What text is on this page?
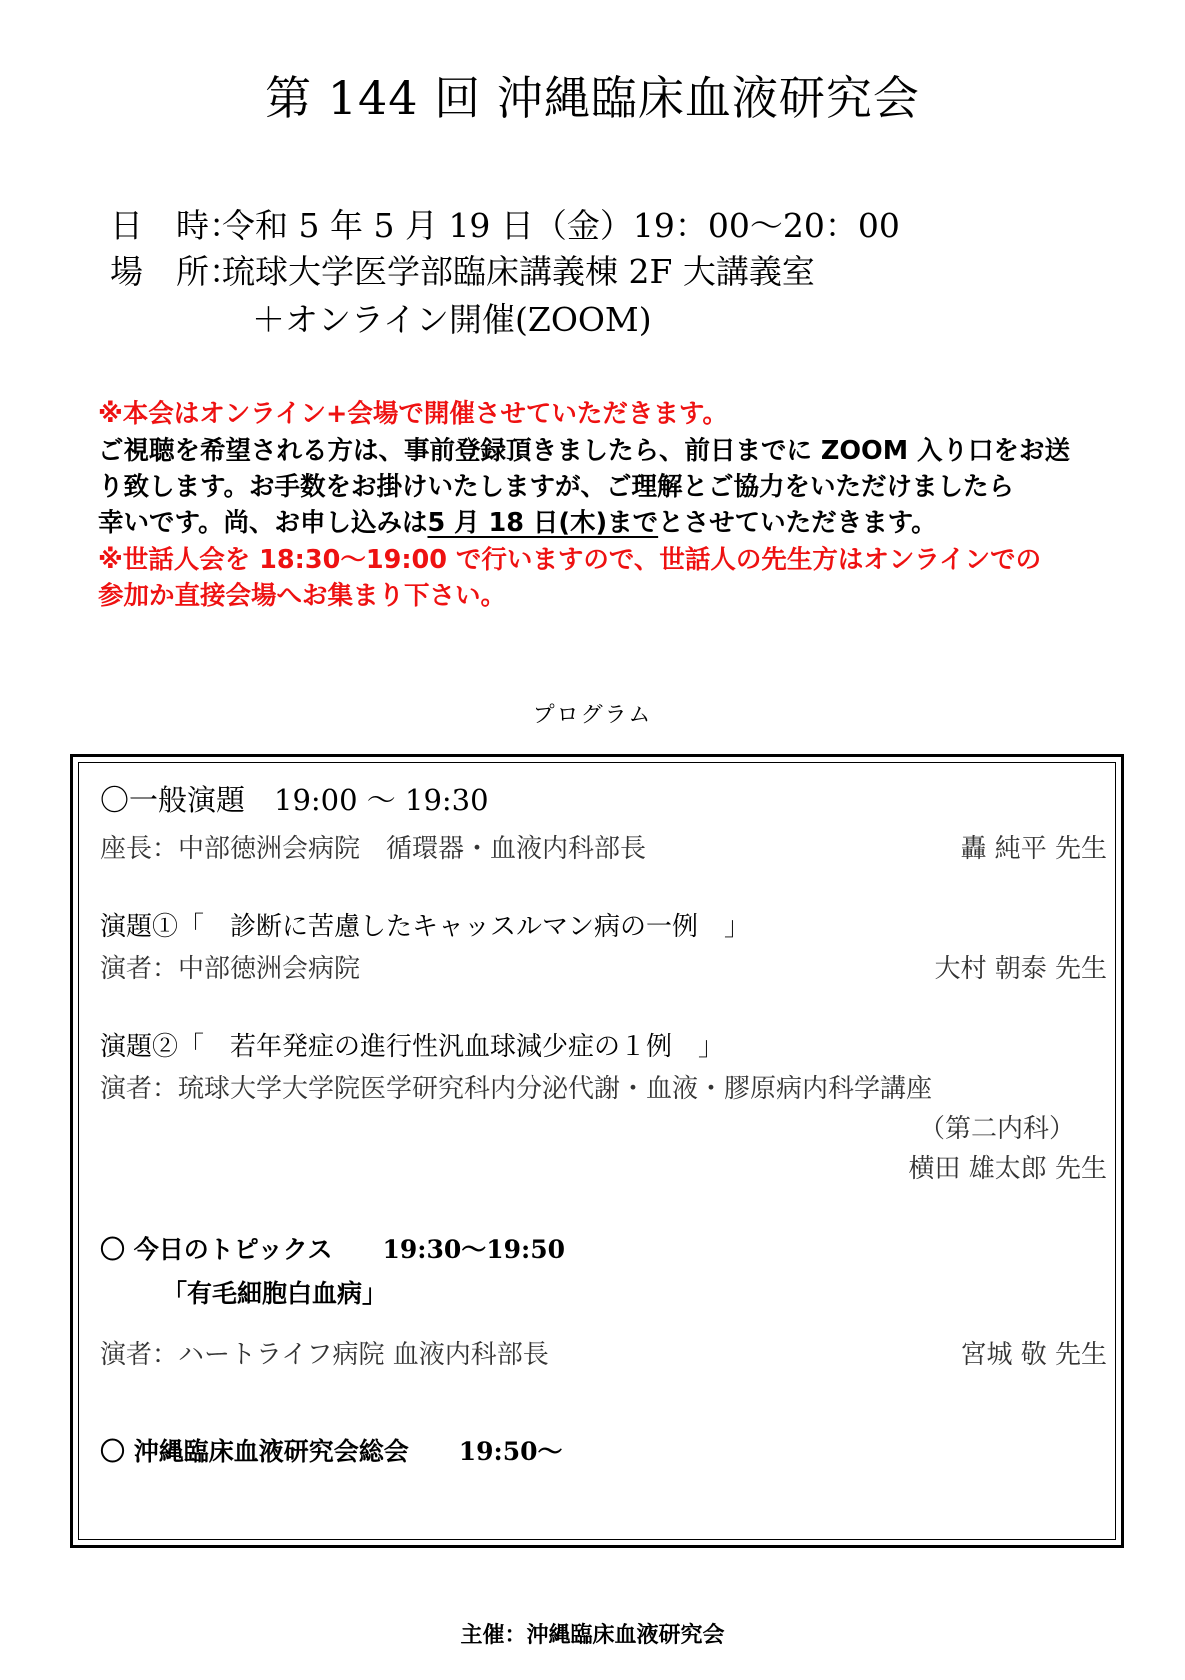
第 144 回 沖縄臨床血液研究会
日　時：令和 5 年 5 月 19 日（金）19：00～20：00
場　所：琉球大学医学部臨床講義棟 2F 大講義室
＋オンライン開催(ZOOM)
※本会はオンライン+会場で開催させていただきます。
ご視聴を希望される方は、事前登録頂きましたら、前日までに ZOOM 入り口をお送
り致します。お手数をお掛けいたしますが、ご理解とご協力をいただけましたら
幸いです。尚、お申し込みは5 月 18 日(木)までとさせていただきます。
※世話人会を 18:30～19:00 で行いますので、世話人の先生方はオンラインでの
参加か直接会場へお集まり下さい。
プログラム
〇一般演題　19:00 ～ 19:30
座長：中部徳洲会病院　循環器・血液内科部長	轟 純平 先生
演題①「　診断に苦慮したキャッスルマン病の一例　」
演者：中部徳洲会病院	大村 朝泰 先生
演題②「　若年発症の進行性汎血球減少症の１例　」
演者：琉球大学大学院医学研究科内分泌代謝・血液・膠原病内科学講座
（第二内科）
横田 雄太郎 先生
〇 今日のトピックス　　19:30～19:50
「有毛細胞白血病」
演者：ハートライフ病院 血液内科部長	宮城 敬 先生
〇 沖縄臨床血液研究会総会　　19:50～
主催：沖縄臨床血液研究会
